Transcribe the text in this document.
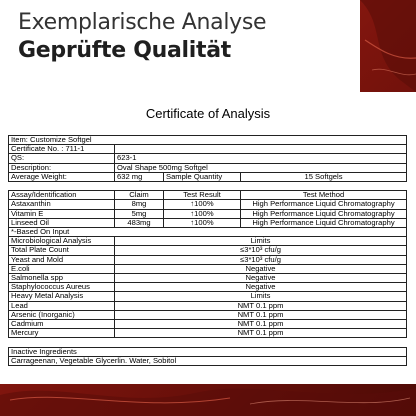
Exemplarische Analyse
Geprüfte Qualität
Certificate of Analysis
Item: Customize Softgel			
Certificate No. : 711-1			
QS:	623-1		
Description:	Oval Shape 500mg Softgel		
Average Weight:	632 mg	Sample Quantity	15 Softgels

Assay/Identification	Claim	Test Result	Test Method
Astaxanthin	8mg	↑100%	High Performance Liquid Chromatography
Vitamin E	5mg	↑100%	High Performance Liquid Chromatography
Linseed Oil	483mg	↑100%	High Performance Liquid Chromatography
*-Based On Input			
Microbiological Analysis	Limits		
Total Plate Count	≤3*10³ cfu/g		
Yeast and Mold	≤3*10³ cfu/g		
E.coli	Negative		
Salmonella spp	Negative		
Staphylococcus Aureus	Negative		
Heavy Metal Analysis	Limits		
Lead	NMT 0.1 ppm		
Arsenic (Inorganic)	NMT 0.1 ppm		
Cadmium	NMT 0.1 ppm		
Mercury	NMT 0.1 ppm		

Inactive Ingredients			
Carrageenan, Vegetable Glycerlin. Water, Sobitol			
